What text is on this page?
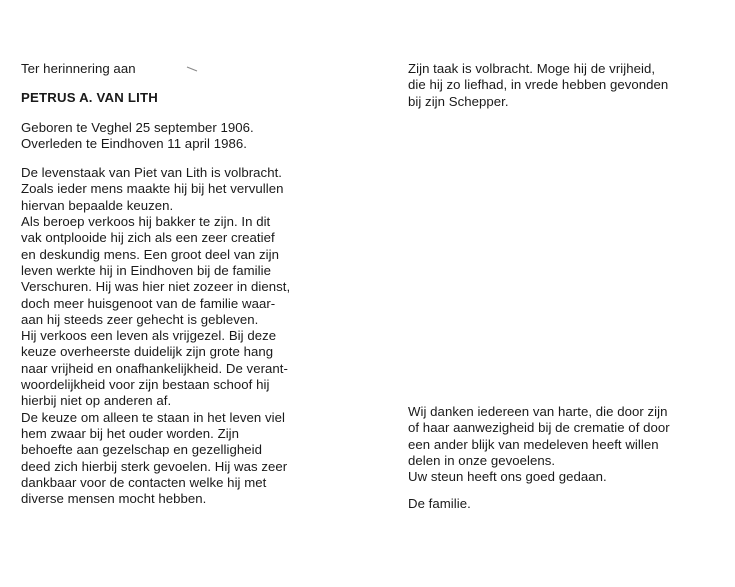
Ter herinnering aan
PETRUS A. VAN LITH
Geboren te Veghel 25 september 1906.
Overleden te Eindhoven 11 april 1986.
De levenstaak van Piet van Lith is volbracht.
Zoals ieder mens maakte hij bij het vervullen
hiervan bepaalde keuzen.
Als beroep verkoos hij bakker te zijn. In dit
vak ontplooide hij zich als een zeer creatief
en deskundig mens. Een groot deel van zijn
leven werkte hij in Eindhoven bij de familie
Verschuren. Hij was hier niet zozeer in dienst,
doch meer huisgenoot van de familie waar-
aan hij steeds zeer gehecht is gebleven.
Hij verkoos een leven als vrijgezel. Bij deze
keuze overheerste duidelijk zijn grote hang
naar vrijheid en onafhankelijkheid. De verant-
woordelijkheid voor zijn bestaan schoof hij
hierbij niet op anderen af.
De keuze om alleen te staan in het leven viel
hem zwaar bij het ouder worden. Zijn
behoefte aan gezelschap en gezelligheid
deed zich hierbij sterk gevoelen. Hij was zeer
dankbaar voor de contacten welke hij met
diverse mensen mocht hebben.
Zijn taak is volbracht. Moge hij de vrijheid,
die hij zo liefhad, in vrede hebben gevonden
bij zijn Schepper.
Wij danken iedereen van harte, die door zijn
of haar aanwezigheid bij de crematie of door
een ander blijk van medeleven heeft willen
delen in onze gevoelens.
Uw steun heeft ons goed gedaan.
De familie.
